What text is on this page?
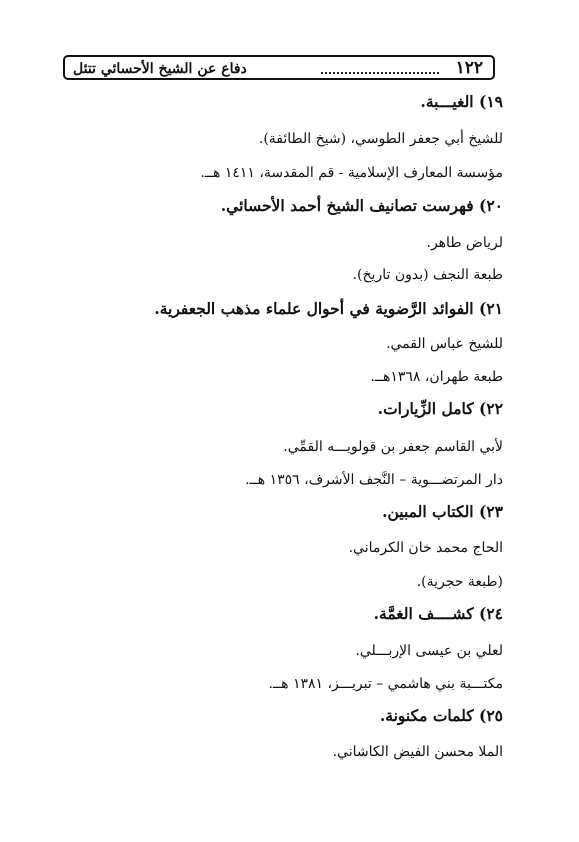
١٢٢
دفاع عن الشيخ الأحسائي تتئل
١٩) الغيـــبة.
للشيخ أبي جعفر الطوسي، (شيخ الطائفة).
مؤسسة المعارف الإسلامية - قم المقدسة، ١٤١١ هــ.
٢٠) فهرست تصانيف الشيخ أحمد الأحسائي.
لرياض طاهر.
طبعة النجف (بدون تاريخ).
٢١) الفوائد الرَّضوية في أحوال علماء مذهب الجعفرية.
للشيخ عباس القمي.
طبعة طهران، ١٣٦٨هــ.
٢٢) كامل الزِّيارات.
لأبي القاسم جعفر بن قولويـــه القمِّي.
دار المرتضـــوية – النَّجف الأشرف، ١٣٥٦ هــ.
٢٣) الكتاب المبين.
الحاج محمد خان الكرماني.
(طبعة حجرية).
٢٤) كشــــف الغمَّة.
لعلي بن عيسى الإربـــلي.
مكتـــبة بني هاشمي – تبريـــز، ١٣٨١ هــ.
٢٥) كلمات مكنونة.
الملا محسن الفيض الكاشاني.
